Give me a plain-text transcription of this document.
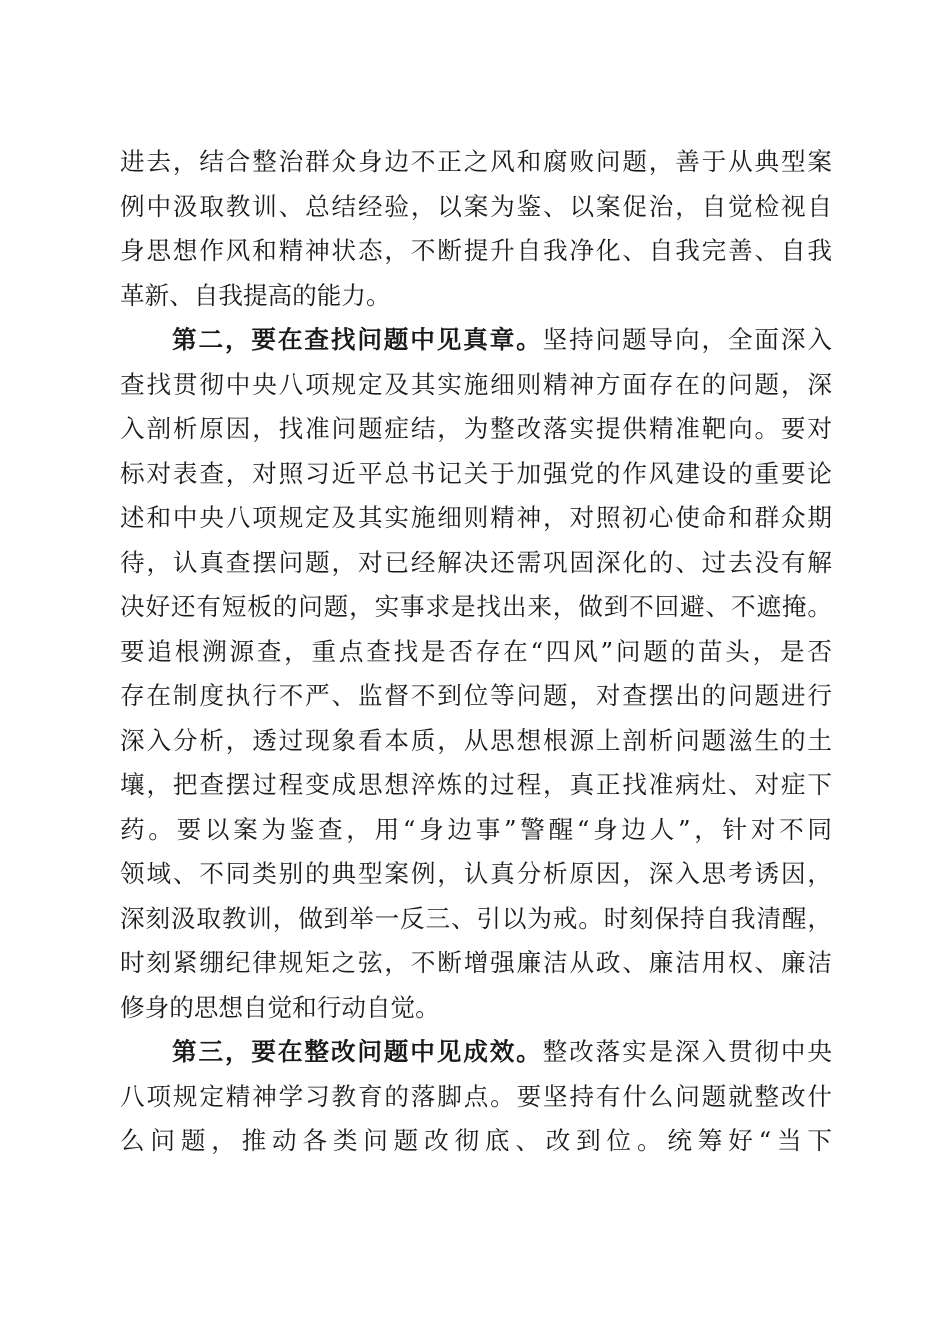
进去，结合整治群众身边不正之风和腐败问题，善于从典型案
例中汲取教训、总结经验，以案为鉴、以案促治，自觉检视自
身思想作风和精神状态，不断提升自我净化、自我完善、自我
革新、自我提高的能力。
第二，要在查找问题中见真章。坚持问题导向，全面深入
查找贯彻中央八项规定及其实施细则精神方面存在的问题，深
入剖析原因，找准问题症结，为整改落实提供精准靶向。要对
标对表查，对照习近平总书记关于加强党的作风建设的重要论
述和中央八项规定及其实施细则精神，对照初心使命和群众期
待，认真查摆问题，对已经解决还需巩固深化的、过去没有解
决好还有短板的问题，实事求是找出来，做到不回避、不遮掩。
要追根溯源查，重点查找是否存在“四风”问题的苗头，是否
存在制度执行不严、监督不到位等问题，对查摆出的问题进行
深入分析，透过现象看本质，从思想根源上剖析问题滋生的土
壤，把查摆过程变成思想淬炼的过程，真正找准病灶、对症下
药。要以案为鉴查，用“身边事”警醒“身边人”，针对不同
领域、不同类别的典型案例，认真分析原因，深入思考诱因，
深刻汲取教训，做到举一反三、引以为戒。时刻保持自我清醒，
时刻紧绷纪律规矩之弦，不断增强廉洁从政、廉洁用权、廉洁
修身的思想自觉和行动自觉。
第三，要在整改问题中见成效。整改落实是深入贯彻中央
八项规定精神学习教育的落脚点。要坚持有什么问题就整改什
么问题，推动各类问题改彻底、改到位。统筹好“当下
